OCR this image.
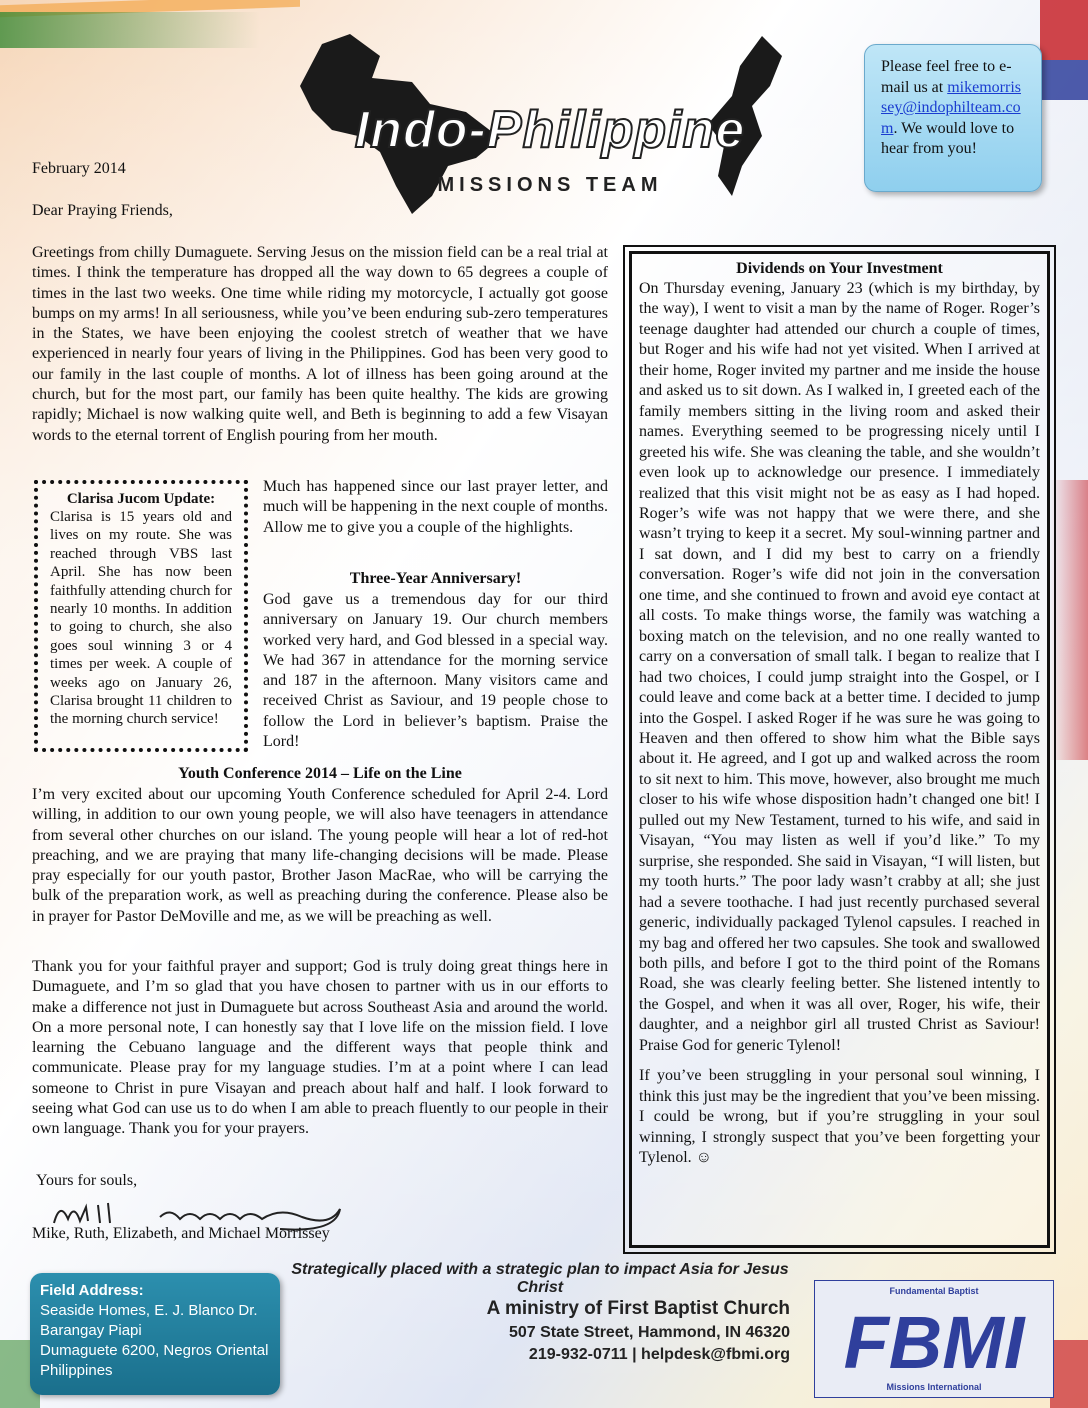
Indo-Philippine
MISSIONS TEAM
Please feel free to e-mail us at mikemorrissey@indophilteam.com. We would love to hear from you!
February 2014
Dear Praying Friends,

Greetings from chilly Dumaguete. Serving Jesus on the mission field can be a real trial at times. I think the temperature has dropped all the way down to 65 degrees a couple of times in the last two weeks. One time while riding my motorcycle, I actually got goose bumps on my arms! In all seriousness, while you’ve been enduring sub-zero temperatures in the States, we have been enjoying the coolest stretch of weather that we have experienced in nearly four years of living in the Philippines. God has been very good to our family in the last couple of months. A lot of illness has been going around at the church, but for the most part, our family has been quite healthy. The kids are growing rapidly; Michael is now walking quite well, and Beth is beginning to add a few Visayan words to the eternal torrent of English pouring from her mouth.

Clarisa Jucom Update:

Clarisa is 15 years old and lives on my route. She was reached through VBS last April. She has now been faithfully attending church for nearly 10 months. In addition to going to church, she also goes soul winning 3 or 4 times per week. A couple of weeks ago on January 26, Clarisa brought 11 children to the morning church service!

Much has happened since our last prayer letter, and much will be happening in the next couple of months. Allow me to give you a couple of the highlights.

Three-Year Anniversary!

God gave us a tremendous day for our third anniversary on January 19. Our church members worked very hard, and God blessed in a special way. We had 367 in attendance for the morning service and 187 in the afternoon. Many visitors came and received Christ as Saviour, and 19 people chose to follow the Lord in believer’s baptism. Praise the Lord!

Youth Conference 2014 – Life on the Line

I’m very excited about our upcoming Youth Conference scheduled for April 2-4. Lord willing, in addition to our own young people, we will also have teenagers in attendance from several other churches on our island. The young people will hear a lot of red-hot preaching, and we are praying that many life-changing decisions will be made. Please pray especially for our youth pastor, Brother Jason MacRae, who will be carrying the bulk of the preparation work, as well as preaching during the conference. Please also be in prayer for Pastor DeMoville and me, as we will be preaching as well.

Thank you for your faithful prayer and support; God is truly doing great things here in Dumaguete, and I’m so glad that you have chosen to partner with us in our efforts to make a difference not just in Dumaguete but across Southeast Asia and around the world. On a more personal note, I can honestly say that I love life on the mission field. I love learning the Cebuano language and the different ways that people think and communicate. Please pray for my language studies. I’m at a point where I can lead someone to Christ in pure Visayan and preach about half and half. I look forward to seeing what God can use us to do when I am able to preach fluently to our people in their own language. Thank you for your prayers.

Yours for souls,
Mike, Ruth, Elizabeth, and Michael Morrissey

Dividends on Your Investment

On Thursday evening, January 23 (which is my birthday, by the way), I went to visit a man by the name of Roger. Roger’s teenage daughter had attended our church a couple of times, but Roger and his wife had not yet visited. When I arrived at their home, Roger invited my partner and me inside the house and asked us to sit down. As I walked in, I greeted each of the family members sitting in the living room and asked their names. Everything seemed to be progressing nicely until I greeted his wife. She was cleaning the table, and she wouldn’t even look up to acknowledge our presence. I immediately realized that this visit might not be as easy as I had hoped. Roger’s wife was not happy that we were there, and she wasn’t trying to keep it a secret. My soul-winning partner and I sat down, and I did my best to carry on a friendly conversation. Roger’s wife did not join in the conversation one time, and she continued to frown and avoid eye contact at all costs. To make things worse, the family was watching a boxing match on the television, and no one really wanted to carry on a conversation of small talk. I began to realize that I had two choices, I could jump straight into the Gospel, or I could leave and come back at a better time. I decided to jump into the Gospel. I asked Roger if he was sure he was going to Heaven and then offered to show him what the Bible says about it. He agreed, and I got up and walked across the room to sit next to him. This move, however, also brought me much closer to his wife whose disposition hadn’t changed one bit! I pulled out my New Testament, turned to his wife, and said in Visayan, “You may listen as well if you’d like.” To my surprise, she responded. She said in Visayan, “I will listen, but my tooth hurts.” The poor lady wasn’t crabby at all; she just had a severe toothache. I had just recently purchased several generic, individually packaged Tylenol capsules. I reached in my bag and offered her two capsules. She took and swallowed both pills, and before I got to the third point of the Romans Road, she was clearly feeling better. She listened intently to the Gospel, and when it was all over, Roger, his wife, their daughter, and a neighbor girl all trusted Christ as Saviour! Praise God for generic Tylenol!

If you’ve been struggling in your personal soul winning, I think this just may be the ingredient that you’ve been missing. I could be wrong, but if you’re struggling in your soul winning, I strongly suspect that you’ve been forgetting your Tylenol. ☺

Strategically placed with a strategic plan to impact Asia for Jesus Christ
Field Address:
Seaside Homes, E. J. Blanco Dr.
Barangay Piapi
Dumaguete 6200, Negros Oriental
Philippines
A ministry of First Baptist Church
507 State Street, Hammond, IN 46320
219-932-0711 | helpdesk@fbmi.org
Fundamental Baptist
FBMI
Missions International
